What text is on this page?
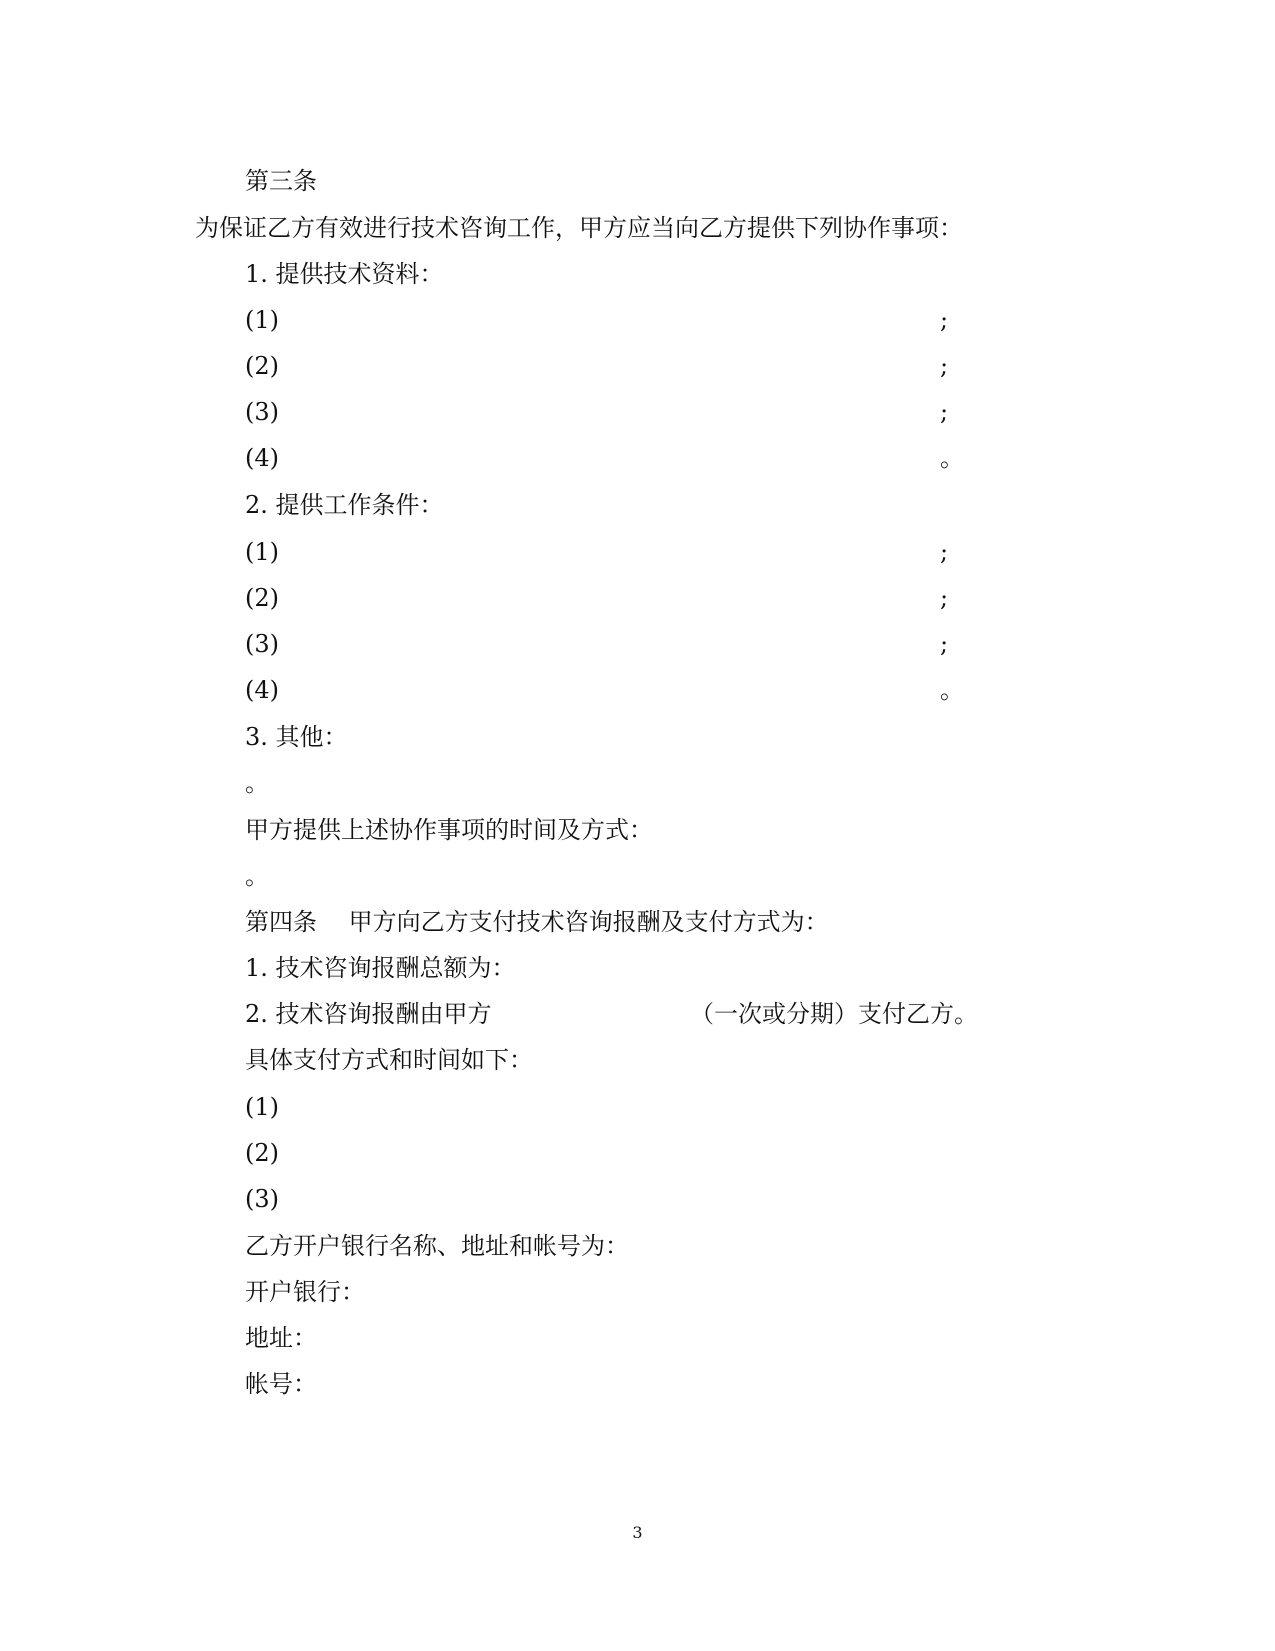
第三条
为保证乙方有效进行技术咨询工作，甲方应当向乙方提供下列协作事项：
1. 提供技术资料：
(1)	;
(2)	;
(3)	;
(4)	。
2. 提供工作条件：
(1)	;
(2)	;
(3)	;
(4)	。
3. 其他：
。
甲方提供上述协作事项的时间及方式：
。
第四条　 甲方向乙方支付技术咨询报酬及支付方式为：
1. 技术咨询报酬总额为：
2. 技术咨询报酬由甲方	（一次或分期）支付乙方。
具体支付方式和时间如下：
(1)
(2)
(3)
乙方开户银行名称、地址和帐号为：
开户银行：
地址：
帐号：
3
